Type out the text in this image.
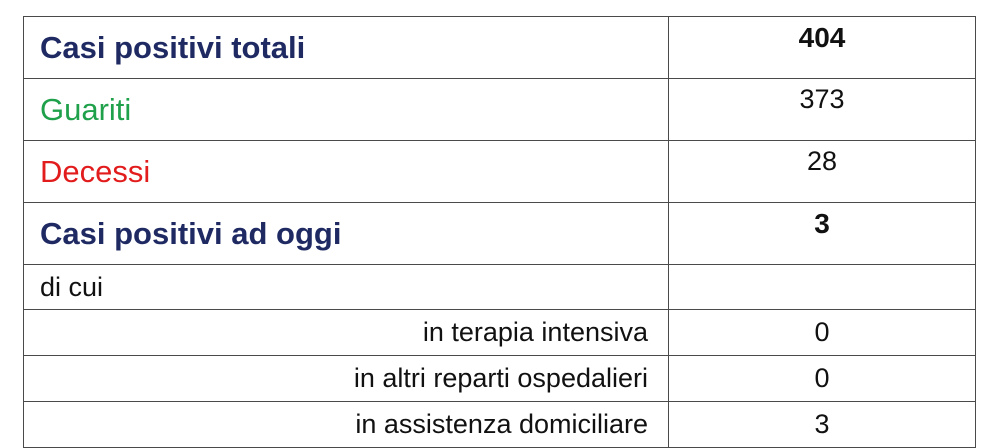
Casi positivi totali	404
Guariti	373
Decessi	28
Casi positivi ad oggi	3
di cui	
in terapia intensiva	0
in altri reparti ospedalieri	0
in assistenza domiciliare	3
